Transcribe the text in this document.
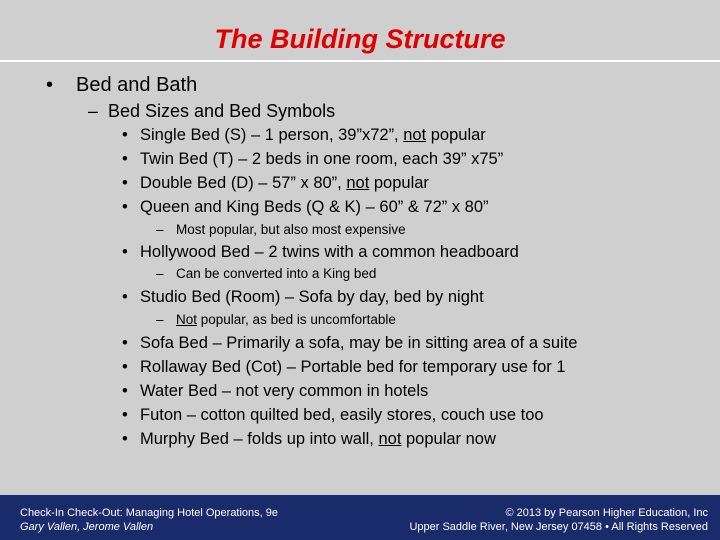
The Building Structure
• Bed and Bath
– Bed Sizes and Bed Symbols
• Single Bed (S) – 1 person, 39”x72”, not popular
• Twin Bed (T) – 2 beds in one room, each 39” x75”
• Double Bed (D) – 57” x 80”, not popular
• Queen and King Beds (Q & K) – 60” & 72” x 80”
– Most popular, but also most expensive
• Hollywood Bed – 2 twins with a common headboard
– Can be converted into a King bed
• Studio Bed (Room) – Sofa by day, bed by night
– Not popular, as bed is uncomfortable
• Sofa Bed – Primarily a sofa, may be in sitting area of a suite
• Rollaway Bed (Cot) – Portable bed for temporary use for 1
• Water Bed – not very common in hotels
• Futon – cotton quilted bed, easily stores, couch use too
• Murphy Bed – folds up into wall, not popular now
Check-In Check-Out: Managing Hotel Operations, 9e
Gary Vallen, Jerome Vallen
© 2013 by Pearson Higher Education, Inc
Upper Saddle River, New Jersey 07458 • All Rights Reserved
